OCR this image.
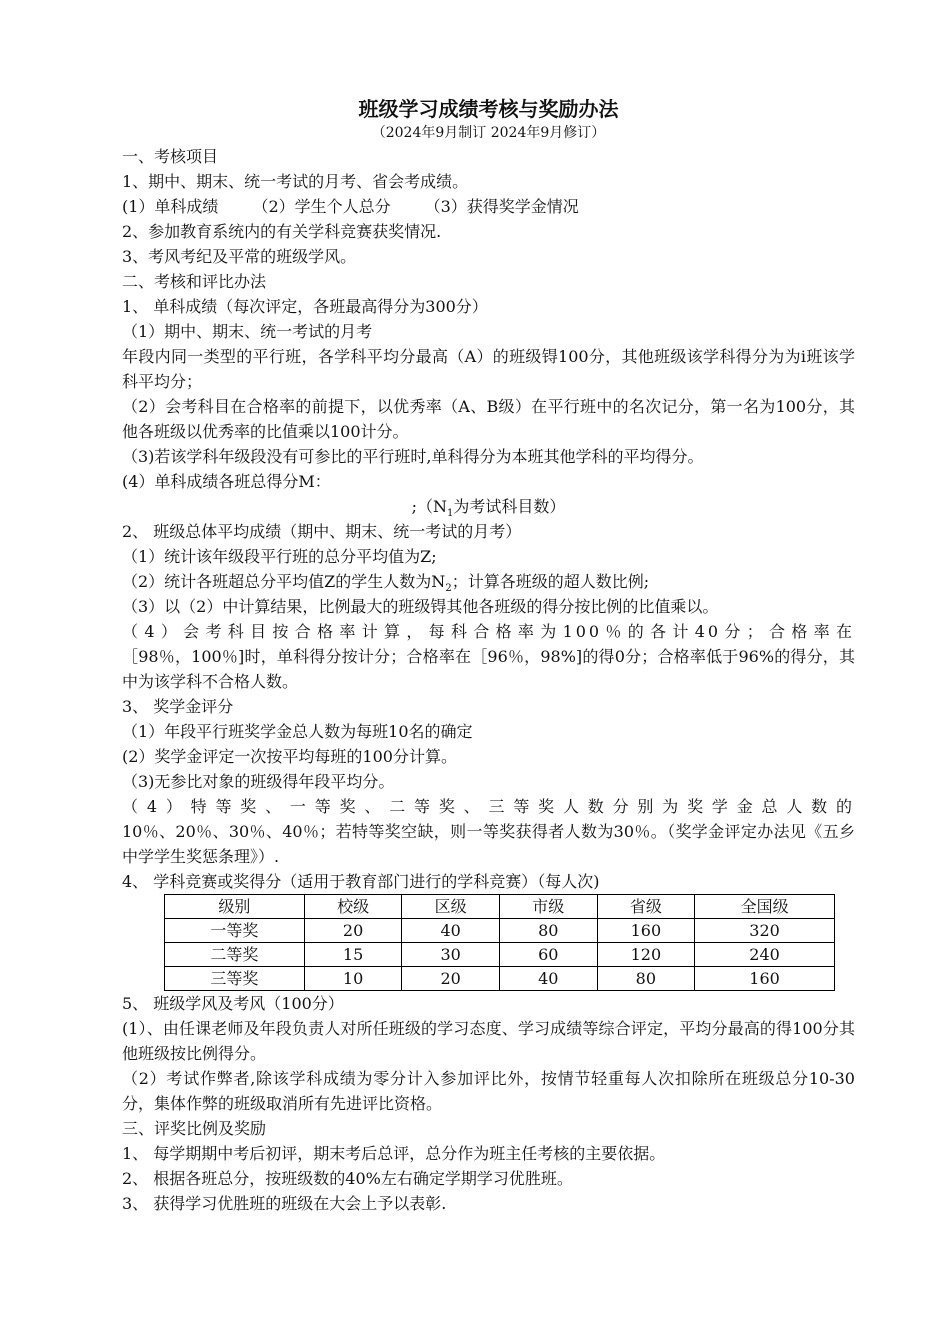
班级学习成绩考核与奖励办法
（2024年9月制订 2024年9月修订）

一、考核项目

1、期中、期末、统一考试的月考、省会考成绩。

(1）单科成绩 （2）学生个人总分 （3）获得奖学金情况

2、参加教育系统内的有关学科竞赛获奖情况.

3、考风考纪及平常的班级学风。

二、考核和评比办法

1、 单科成绩（每次评定，各班最高得分为300分）

（1）期中、期末、统一考试的月考

年段内同一类型的平行班，各学科平均分最高（A）的班级锝100分，其他班级该学科得分为为i班该学科平均分；

（2）会考科目在合格率的前提下，以优秀率（A、B级）在平行班中的名次记分，第一名为100分，其他各班级以优秀率的比值乘以100计分。

（3)若该学科年级段没有可参比的平行班时,单科得分为本班其他学科的平均得分。

(4）单科成绩各班总得分M：

$;(N_1$为考试科目数）

2、 班级总体平均成绩（期中、期末、统一考试的月考）

（1）统计该年级段平行班的总分平均值为Z;

（2）统计各班超总分平均值Z的学生人数为$N_2$；计算各班级的超人数比例;

（3）以（2）中计算结果，比例最大的班级锝其他各班级的得分按比例的比值乘以。

（4）会考科目按合格率计算，每科合格率为100％的各计40分；合格率在

［98％，100％]时，单科得分按计分；合格率在［96％，98%]的得0分；合格率低于96%的得分，其中为该学科不合格人数。

3、 奖学金评分

（1）年段平行班奖学金总人数为每班10名的确定

(2）奖学金评定一次按平均每班的100分计算。

（3)无参比对象的班级得年段平均分。

（4）特等奖、一等奖、二等奖、三等奖人数分别为奖学金总人数的

10％、20％、30％、40％；若特等奖空缺，则一等奖获得者人数为30％。（奖学金评定办法见《五乡中学学生奖惩条理》）.

4、 学科竞赛或奖得分（适用于教育部门进行的学科竞赛）（每人次)

级别	校级	区级	市级	省级	全国级
一等奖	20	40	80	160	320
二等奖	15	30	60	120	240
三等奖	10	20	40	80	160

5、 班级学风及考风（100分）

(1）、由任课老师及年段负责人对所任班级的学习态度、学习成绩等综合评定，平均分最高的得100分其他班级按比例得分。

（2）考试作弊者,除该学科成绩为零分计入参加评比外，按情节轻重每人次扣除所在班级总分10-30分，集体作弊的班级取消所有先进评比资格。

三、评奖比例及奖励

1、 每学期期中考后初评，期末考后总评，总分作为班主任考核的主要依据。

2、 根据各班总分，按班级数的40%左右确定学期学习优胜班。

3、 获得学习优胜班的班级在大会上予以表彰.
